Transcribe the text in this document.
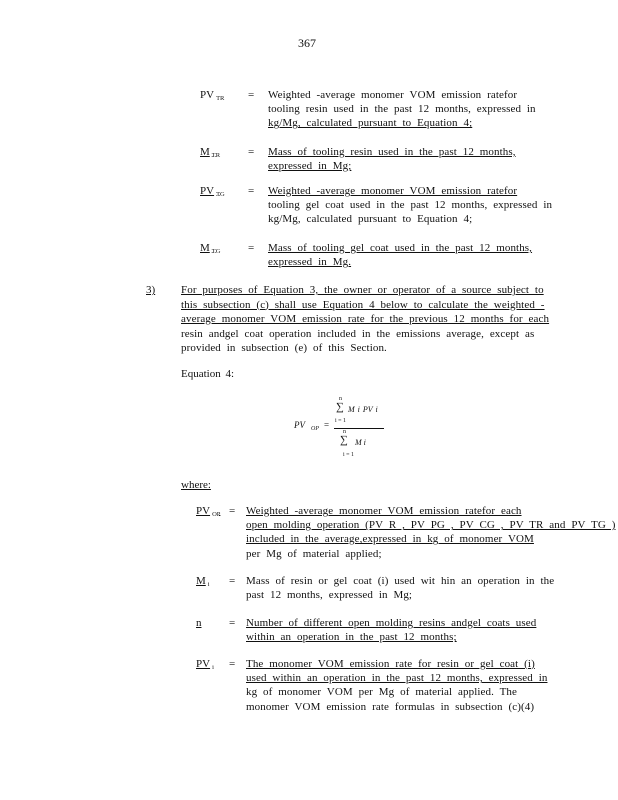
367
PV $_{TR}$ = Weighted -average monomer VOM emission ratefor
tooling resin used in the past 12 months, expressed in
kg/Mg, calculated pursuant to Equation 4;
M $_{TR}$	= Mass of tooling resin used in the past 12 months,
expressed in Mg;
PV $_{TG}$ = Weighted -average monomer VOM emission ratefor
tooling gel coat used in the past 12 months, expressed in
kg/Mg, calculated pursuant to Equation 4;
M $_{TG}$	= Mass of tooling gel coat used in the past 12 months,
expressed in Mg.
3) For purposes of Equation 3, the owner or operator of a source subject to
this subsection (c) shall use Equation 4 below to calculate the weighted -
average monomer VOM emission rate for the previous 12 months for each
resin andgel coat operation included in the emissions average, except as
provided in subsection (e) of this Section.
Equation 4:
PV $_{OP}$ =
n
∑
i = 1
M i PV i
n
∑
i = 1
M i
where:
PV $_{OP}$ = Weighted -average monomer VOM emission ratefor each
open molding operation (PV R , PV PG , PV CG , PV TR and PV TG )
included in the average,expressed in kg of monomer VOM
per Mg of material applied;
M $_i$ = Mass of resin or gel coat (i) used wit hin an operation in the
past 12 months, expressed in Mg;
n	= Number of different open molding resins andgel coats used
within an operation in the past 12 months;
PV $_i$ = The monomer VOM emission rate for resin or gel coat (i)
used within an operation in the past 12 months, expressed in
kg of monomer VOM per Mg of material applied. The
monomer VOM emission rate formulas in subsection (c)(4)
